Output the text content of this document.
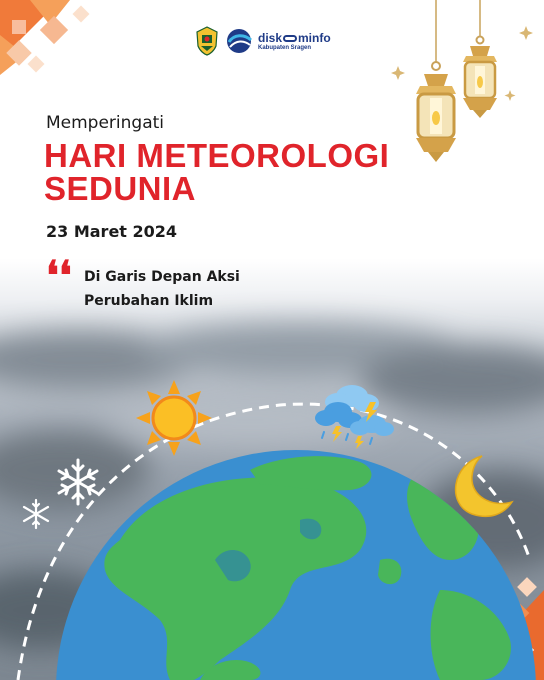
disk minfo
Kabupaten Sragen
Memperingati
HARI METEOROLOGI
SEDUNIA
23 Maret 2024
❛❛ Di Garis Depan Aksi
Perubahan Iklim
